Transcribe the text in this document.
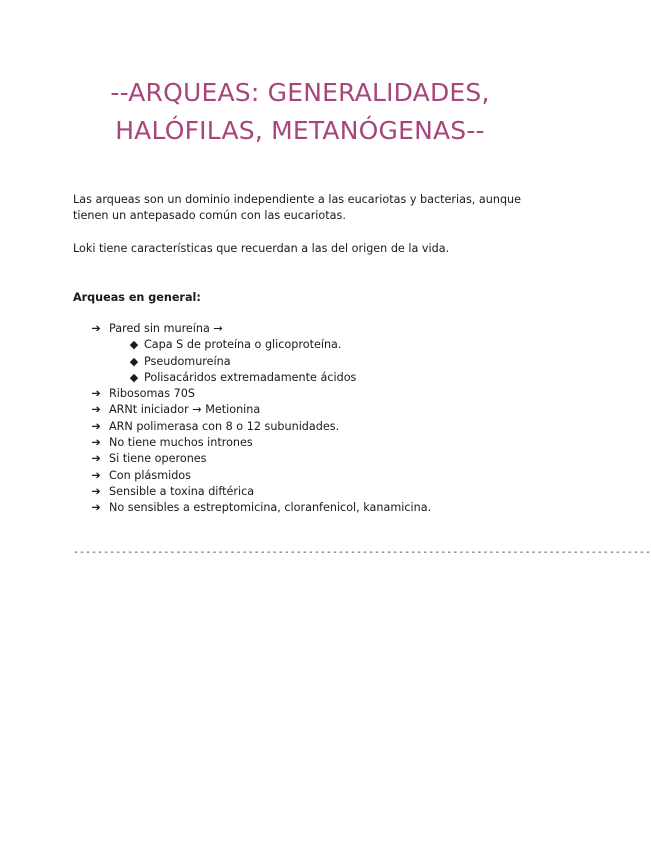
--ARQUEAS: GENERALIDADES,
HALÓFILAS, METANÓGENAS--

Las arqueas son un dominio independiente a las eucariotas y bacterias, aunque tienen un antepasado común con las eucariotas.

Loki tiene características que recuerdan a las del origen de la vida.

Arqueas en general:
➔ Pared sin mureína →
◆ Capa S de proteína o glicoproteína.
◆ Pseudomureína
◆ Polisacáridos extremadamente ácidos
➔ Ribosomas 70S
➔ ARNt iniciador → Metionina
➔ ARN polimerasa con 8 o 12 subunidades.
➔ No tiene muchos intrones
➔ Si tiene operones
➔ Con plásmidos
➔ Sensible a toxina diftérica
➔ No sensibles a estreptomicina, cloranfenicol, kanamicina.
------------------------------------------------------------------------------------------------
